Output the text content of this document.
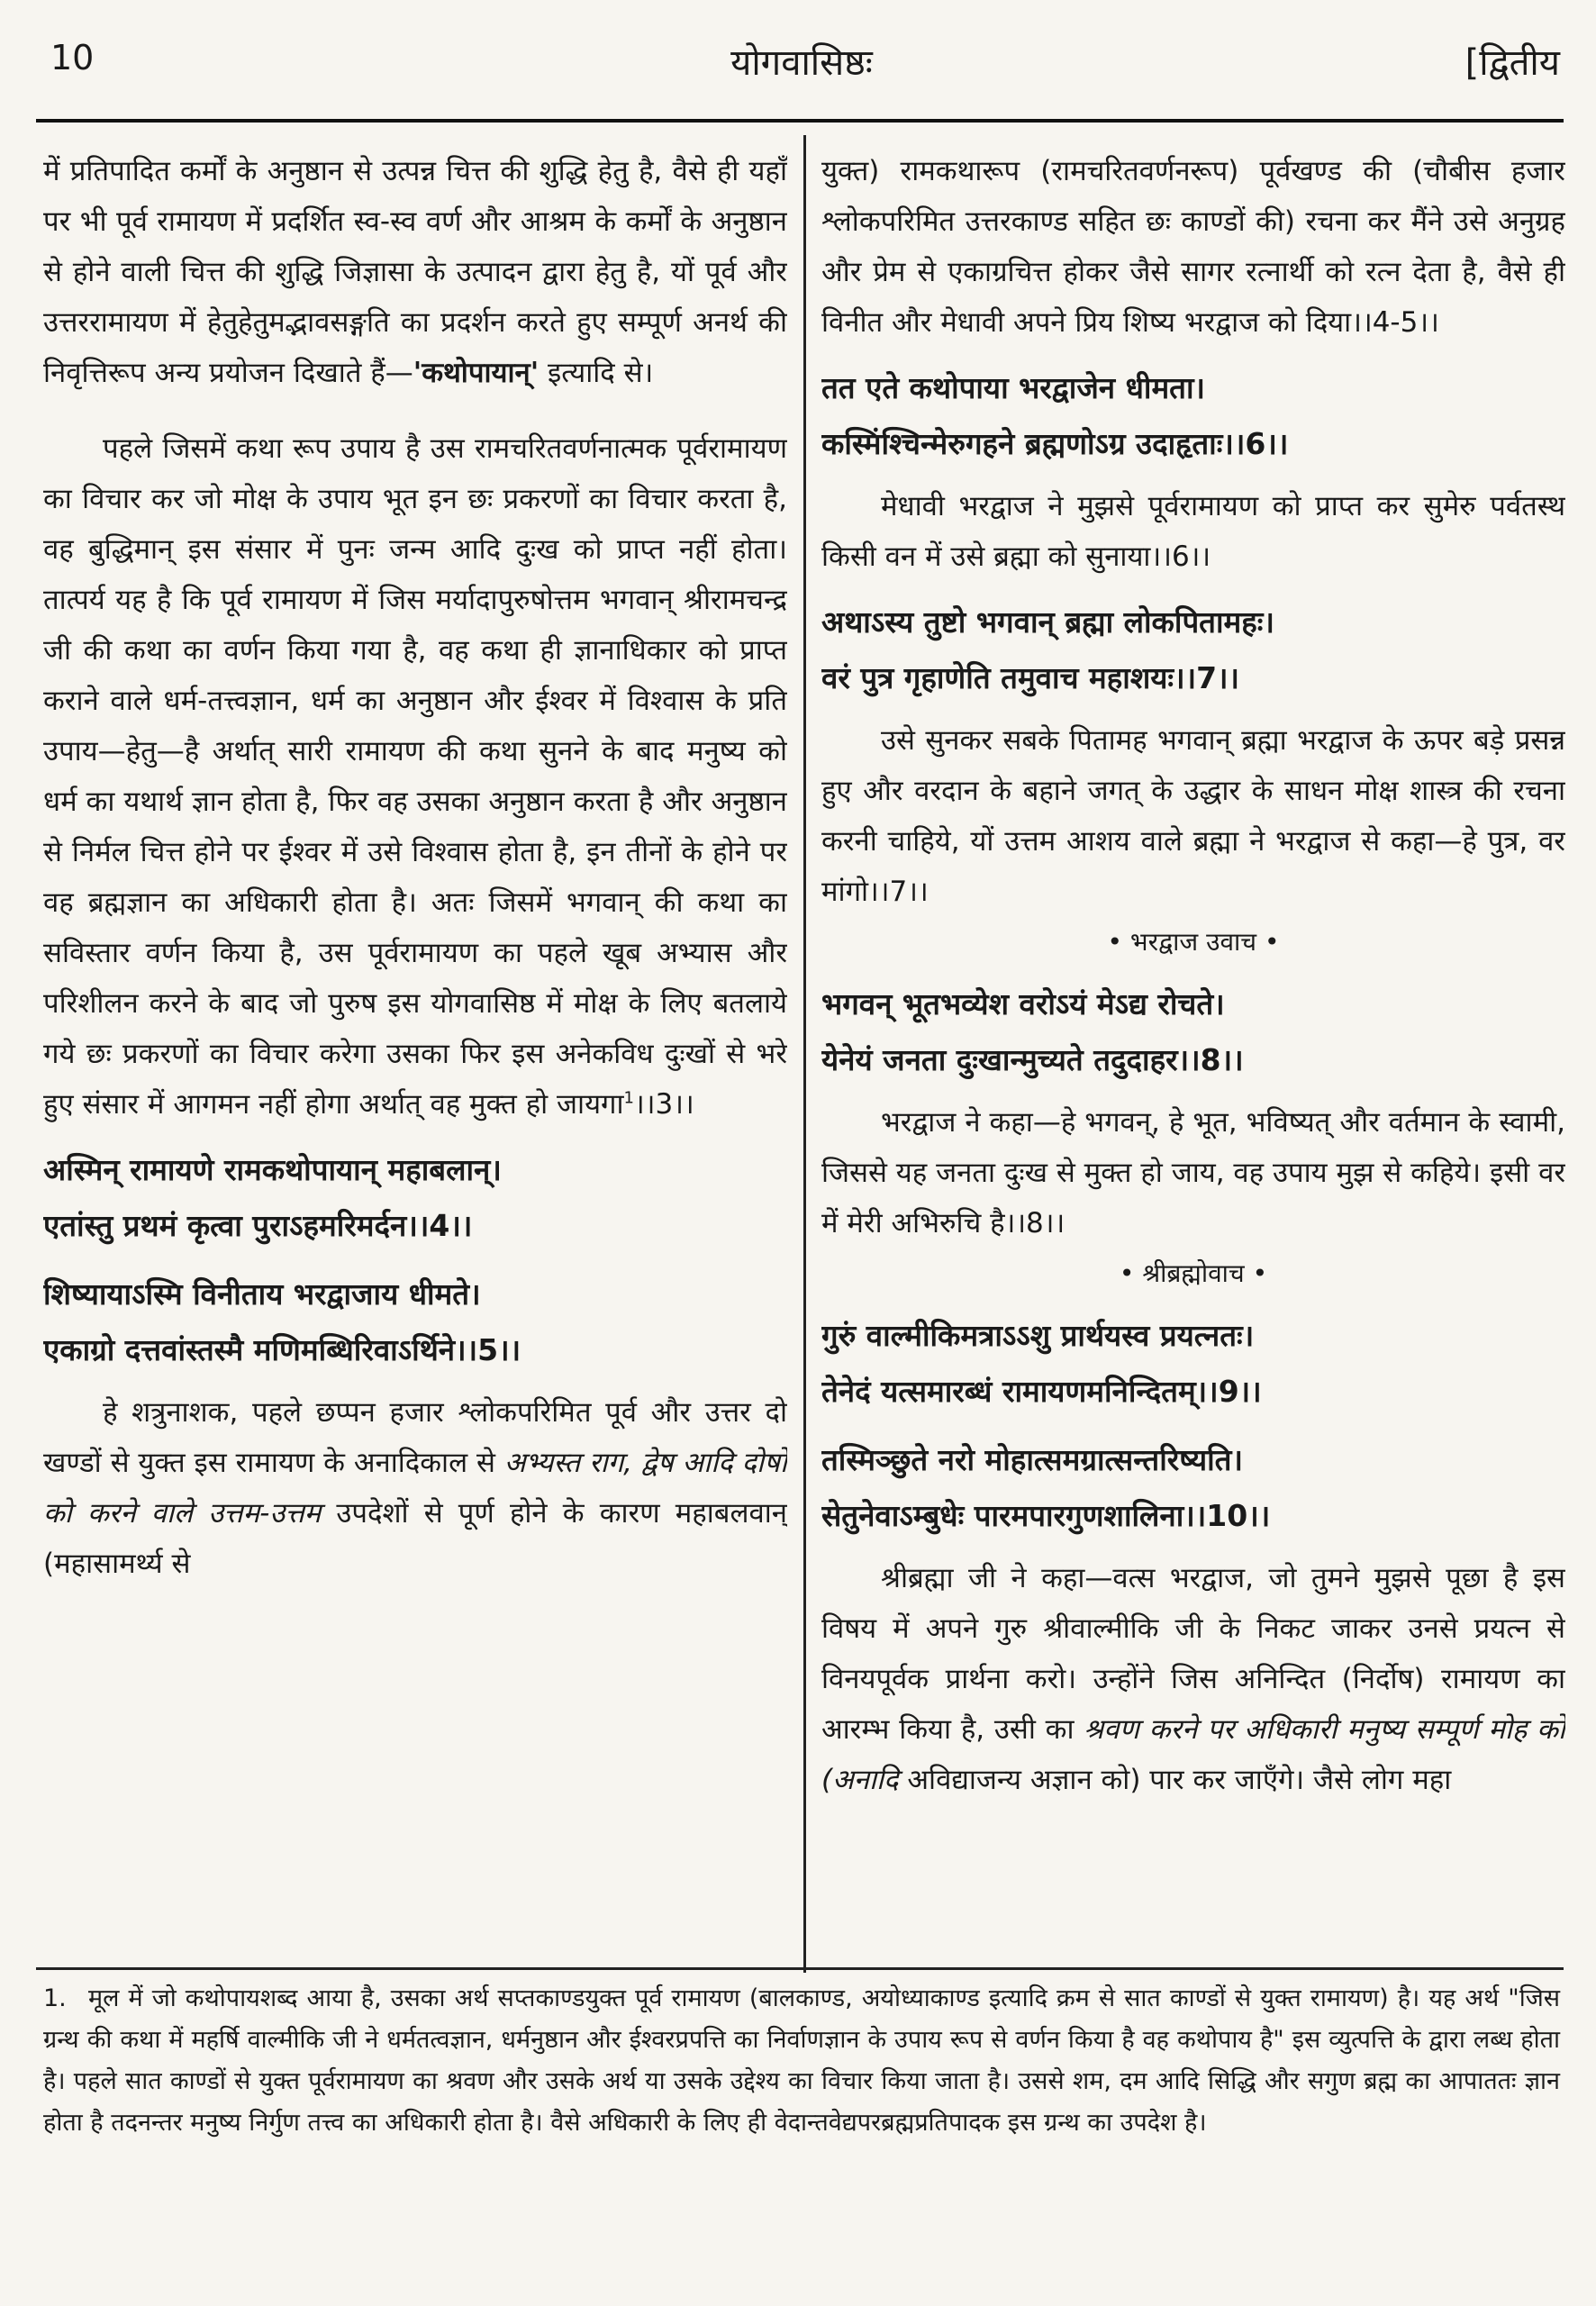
10	योगवासिष्ठः	[द्वितीय

में प्रतिपादित कर्मों के अनुष्ठान से उत्पन्न चित्त की शुद्धि हेतु है, वैसे ही यहाँ पर भी पूर्व रामायण में प्रदर्शित स्व-स्व वर्ण और आश्रम के कर्मों के अनुष्ठान से होने वाली चित्त की शुद्धि जिज्ञासा के उत्पादन द्वारा हेतु है, यों पूर्व और उत्तररामायण में हेतुहेतुमद्भावसङ्गति का प्रदर्शन करते हुए सम्पूर्ण अनर्थ की निवृत्तिरूप अन्य प्रयोजन दिखाते हैं—'कथोपायान्' इत्यादि से।

पहले जिसमें कथा रूप उपाय है उस रामचरितवर्णनात्मक पूर्वरामायण का विचार कर जो मोक्ष के उपाय भूत इन छः प्रकरणों का विचार करता है, वह बुद्धिमान् इस संसार में पुनः जन्म आदि दुःख को प्राप्त नहीं होता। तात्पर्य यह है कि पूर्व रामायण में जिस मर्यादापुरुषोत्तम भगवान् श्रीरामचन्द्र जी की कथा का वर्णन किया गया है, वह कथा ही ज्ञानाधिकार को प्राप्त कराने वाले धर्म-तत्त्वज्ञान, धर्म का अनुष्ठान और ईश्वर में विश्वास के प्रति उपाय—हेतु—है अर्थात् सारी रामायण की कथा सुनने के बाद मनुष्य को धर्म का यथार्थ ज्ञान होता है, फिर वह उसका अनुष्ठान करता है और अनुष्ठान से निर्मल चित्त होने पर ईश्वर में उसे विश्वास होता है, इन तीनों के होने पर वह ब्रह्मज्ञान का अधिकारी होता है। अतः जिसमें भगवान् की कथा का सविस्तार वर्णन किया है, उस पूर्वरामायण का पहले खूब अभ्यास और परिशीलन करने के बाद जो पुरुष इस योगवासिष्ठ में मोक्ष के लिए बतलाये गये छः प्रकरणों का विचार करेगा उसका फिर इस अनेकविध दुःखों से भरे हुए संसार में आगमन नहीं होगा अर्थात् वह मुक्त हो जायगा$^1$।।3।।

अस्मिन् रामायणे रामकथोपायान् महाबलान्।
एतांस्तु प्रथमं कृत्वा पुराऽहमरिमर्दन।।4।।
शिष्यायाऽस्मि विनीताय भरद्वाजाय धीमते।
एकाग्रो दत्तवांस्तस्मै मणिमब्धिरिवाऽर्थिने।।5।।

हे शत्रुनाशक, पहले छप्पन हजार श्लोकपरिमित पूर्व और उत्तर दो खण्डों से युक्त इस रामायण के अनादिकाल से अभ्यस्त राग, द्वेष आदि दोषों को करने वाले उत्तम-उत्तम उपदेशों से पूर्ण होने के कारण महाबलवान् (महासामर्थ्य से

युक्त) रामकथारूप (रामचरितवर्णनरूप) पूर्वखण्ड की (चौबीस हजार श्लोकपरिमित उत्तरकाण्ड सहित छः काण्डों की) रचना कर मैंने उसे अनुग्रह और प्रेम से एकाग्रचित्त होकर जैसे सागर रत्नार्थी को रत्न देता है, वैसे ही विनीत और मेधावी अपने प्रिय शिष्य भरद्वाज को दिया।।4-5।।

तत एते कथोपाया भरद्वाजेन धीमता।
कस्मिंश्चिन्मेरुगहने ब्रह्मणोऽग्र उदाहृताः।।6।।

मेधावी भरद्वाज ने मुझसे पूर्वरामायण को प्राप्त कर सुमेरु पर्वतस्थ किसी वन में उसे ब्रह्मा को सुनाया।।6।।

अथाऽस्य तुष्टो भगवान् ब्रह्मा लोकपितामहः।
वरं पुत्र गृहाणेति तमुवाच महाशयः।।7।।

उसे सुनकर सबके पितामह भगवान् ब्रह्मा भरद्वाज के ऊपर बड़े प्रसन्न हुए और वरदान के बहाने जगत् के उद्धार के साधन मोक्ष शास्त्र की रचना करनी चाहिये, यों उत्तम आशय वाले ब्रह्मा ने भरद्वाज से कहा—हे पुत्र, वर मांगो।।7।।

• भरद्वाज उवाच •
भगवन् भूतभव्येश वरोऽयं मेऽद्य रोचते।
येनेयं जनता दुःखान्मुच्यते तदुदाहर।।8।।

भरद्वाज ने कहा—हे भगवन्, हे भूत, भविष्यत् और वर्तमान के स्वामी, जिससे यह जनता दुःख से मुक्त हो जाय, वह उपाय मुझ से कहिये। इसी वर में मेरी अभिरुचि है।।8।।

• श्रीब्रह्मोवाच •
गुरुं वाल्मीकिमत्राऽऽशु प्रार्थयस्व प्रयत्नतः।
तेनेदं यत्समारब्धं रामायणमनिन्दितम्।।9।।
तस्मिञ्छुते नरो मोहात्समग्रात्सन्तरिष्यति।
सेतुनेवाऽम्बुधेः पारमपारगुणशालिना।।10।।

श्रीब्रह्मा जी ने कहा—वत्स भरद्वाज, जो तुमने मुझसे पूछा है इस विषय में अपने गुरु श्रीवाल्मीकि जी के निकट जाकर उनसे प्रयत्न से विनयपूर्वक प्रार्थना करो। उन्होंने जिस अनिन्दित (निर्दोष) रामायण का आरम्भ किया है, उसी का श्रवण करने पर अधिकारी मनुष्य सम्पूर्ण मोह को (अनादि अविद्याजन्य अज्ञान को) पार कर जाएँगे। जैसे लोग महा

1. मूल में जो कथोपायशब्द आया है, उसका अर्थ सप्तकाण्डयुक्त पूर्व रामायण (बालकाण्ड, अयोध्याकाण्ड इत्यादि क्रम से सात काण्डों से युक्त रामायण) है। यह अर्थ "जिस ग्रन्थ की कथा में महर्षि वाल्मीकि जी ने धर्मतत्वज्ञान, धर्मनुष्ठान और ईश्वरप्रपत्ति का निर्वाणज्ञान के उपाय रूप से वर्णन किया है वह कथोपाय है" इस व्युत्पत्ति के द्वारा लब्ध होता है। पहले सात काण्डों से युक्त पूर्वरामायण का श्रवण और उसके अर्थ या उसके उद्देश्य का विचार किया जाता है। उससे शम, दम आदि सिद्धि और सगुण ब्रह्म का आपाततः ज्ञान होता है तदनन्तर मनुष्य निर्गुण तत्त्व का अधिकारी होता है। वैसे अधिकारी के लिए ही वेदान्तवेद्यपरब्रह्मप्रतिपादक इस ग्रन्थ का उपदेश है।
